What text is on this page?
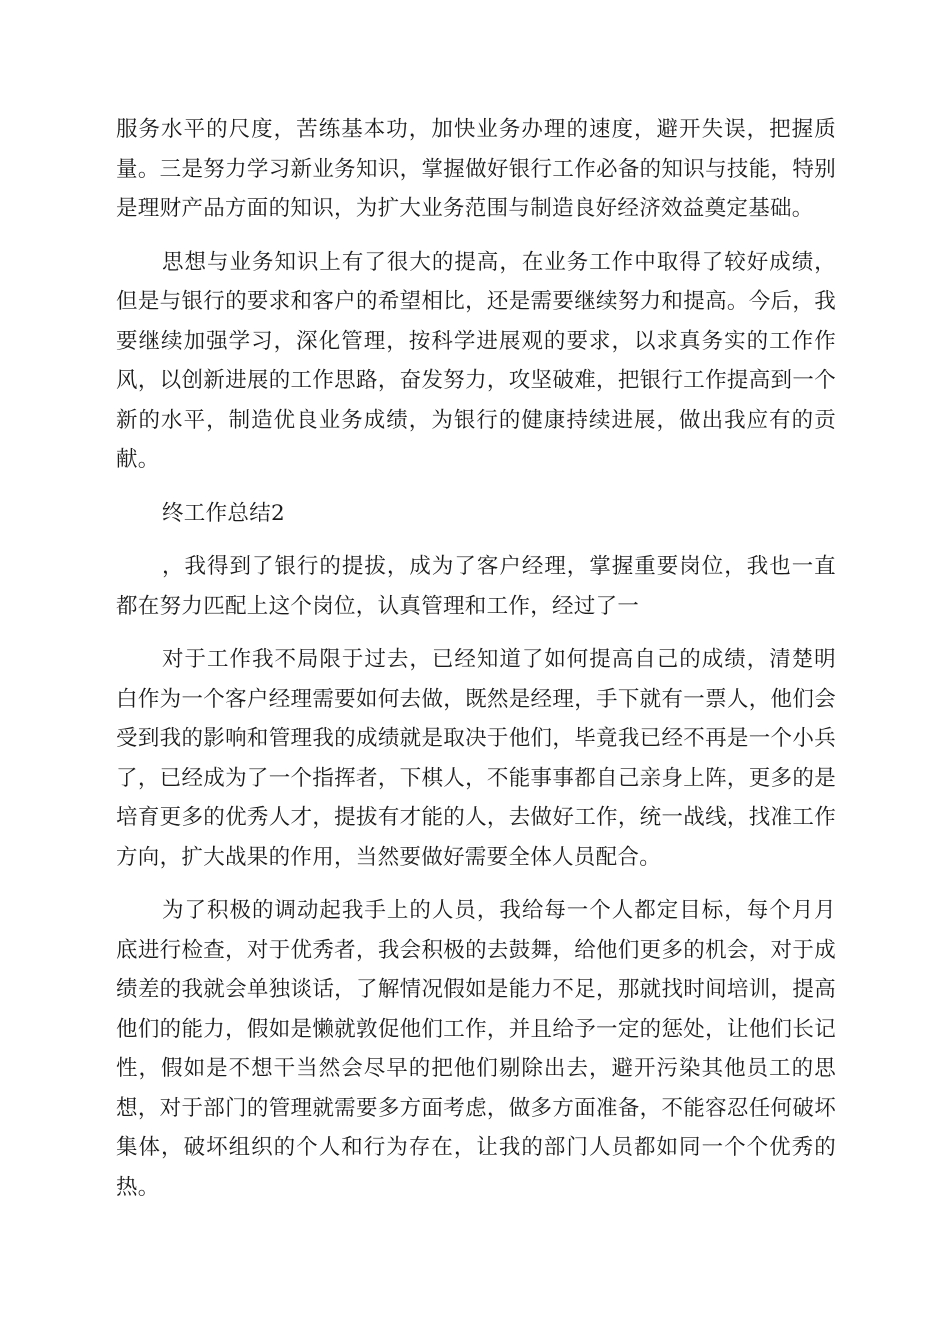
服务水平的尺度，苦练基本功，加快业务办理的速度，避开失误，把握质量。三是努力学习新业务知识，掌握做好银行工作必备的知识与技能，特别是理财产品方面的知识，为扩大业务范围与制造良好经济效益奠定基础。

思想与业务知识上有了很大的提高，在业务工作中取得了较好成绩，但是与银行的要求和客户的希望相比，还是需要继续努力和提高。今后，我要继续加强学习，深化管理，按科学进展观的要求，以求真务实的工作作风，以创新进展的工作思路，奋发努力，攻坚破难，把银行工作提高到一个新的水平，制造优良业务成绩，为银行的健康持续进展，做出我应有的贡献。

终工作总结2

，我得到了银行的提拔，成为了客户经理，掌握重要岗位，我也一直都在努力匹配上这个岗位，认真管理和工作，经过了一

对于工作我不局限于过去，已经知道了如何提高自己的成绩，清楚明白作为一个客户经理需要如何去做，既然是经理，手下就有一票人，他们会受到我的影响和管理我的成绩就是取决于他们，毕竟我已经不再是一个小兵了，已经成为了一个指挥者，下棋人，不能事事都自己亲身上阵，更多的是培育更多的优秀人才，提拔有才能的人，去做好工作，统一战线，找准工作方向，扩大战果的作用，当然要做好需要全体人员配合。

为了积极的调动起我手上的人员，我给每一个人都定目标，每个月月底进行检查，对于优秀者，我会积极的去鼓舞，给他们更多的机会，对于成绩差的我就会单独谈话，了解情况假如是能力不足，那就找时间培训，提高他们的能力，假如是懒就敦促他们工作，并且给予一定的惩处，让他们长记性，假如是不想干当然会尽早的把他们剔除出去，避开污染其他员工的思想，对于部门的管理就需要多方面考虑，做多方面准备，不能容忍任何破坏集体，破坏组织的个人和行为存在，让我的部门人员都如同一个个优秀的热。
